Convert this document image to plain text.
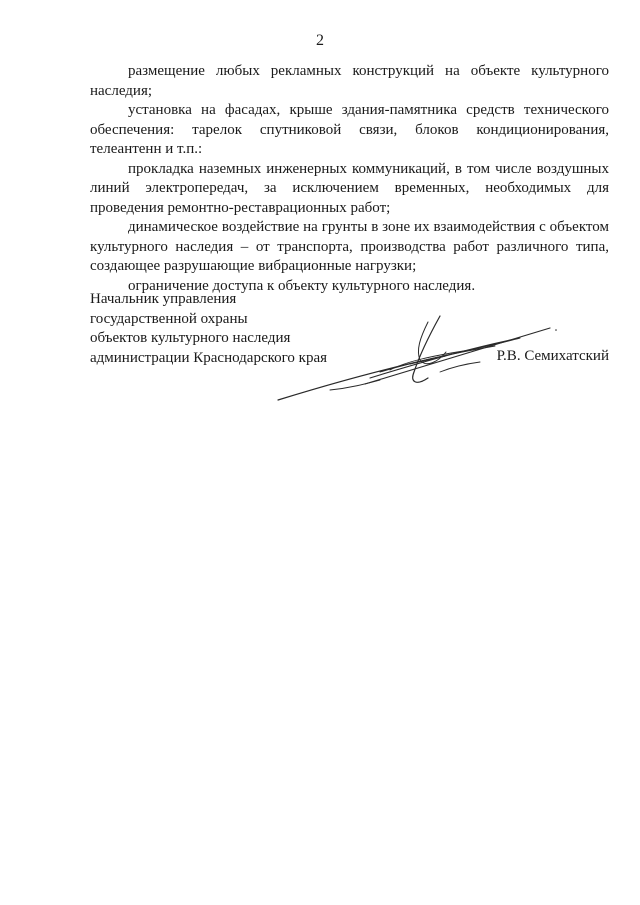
2

размещение любых рекламных конструкций на объекте культурного наследия;

установка на фасадах, крыше здания-памятника средств технического обеспечения: тарелок спутниковой связи, блоков кондиционирования, телеантенн и т.п.:

прокладка наземных инженерных коммуникаций, в том числе воздушных линий электропередач, за исключением временных, необходимых для проведения ремонтно-реставрационных работ;

динамическое воздействие на грунты в зоне их взаимодействия с объектом культурного наследия – от транспорта, производства работ различного типа, создающее разрушающие вибрационные нагрузки;

ограничение доступа к объекту культурного наследия.

Начальник управления

государственной охраны

объектов культурного наследия

администрации Краснодарского края	Р.В. Семихатский
